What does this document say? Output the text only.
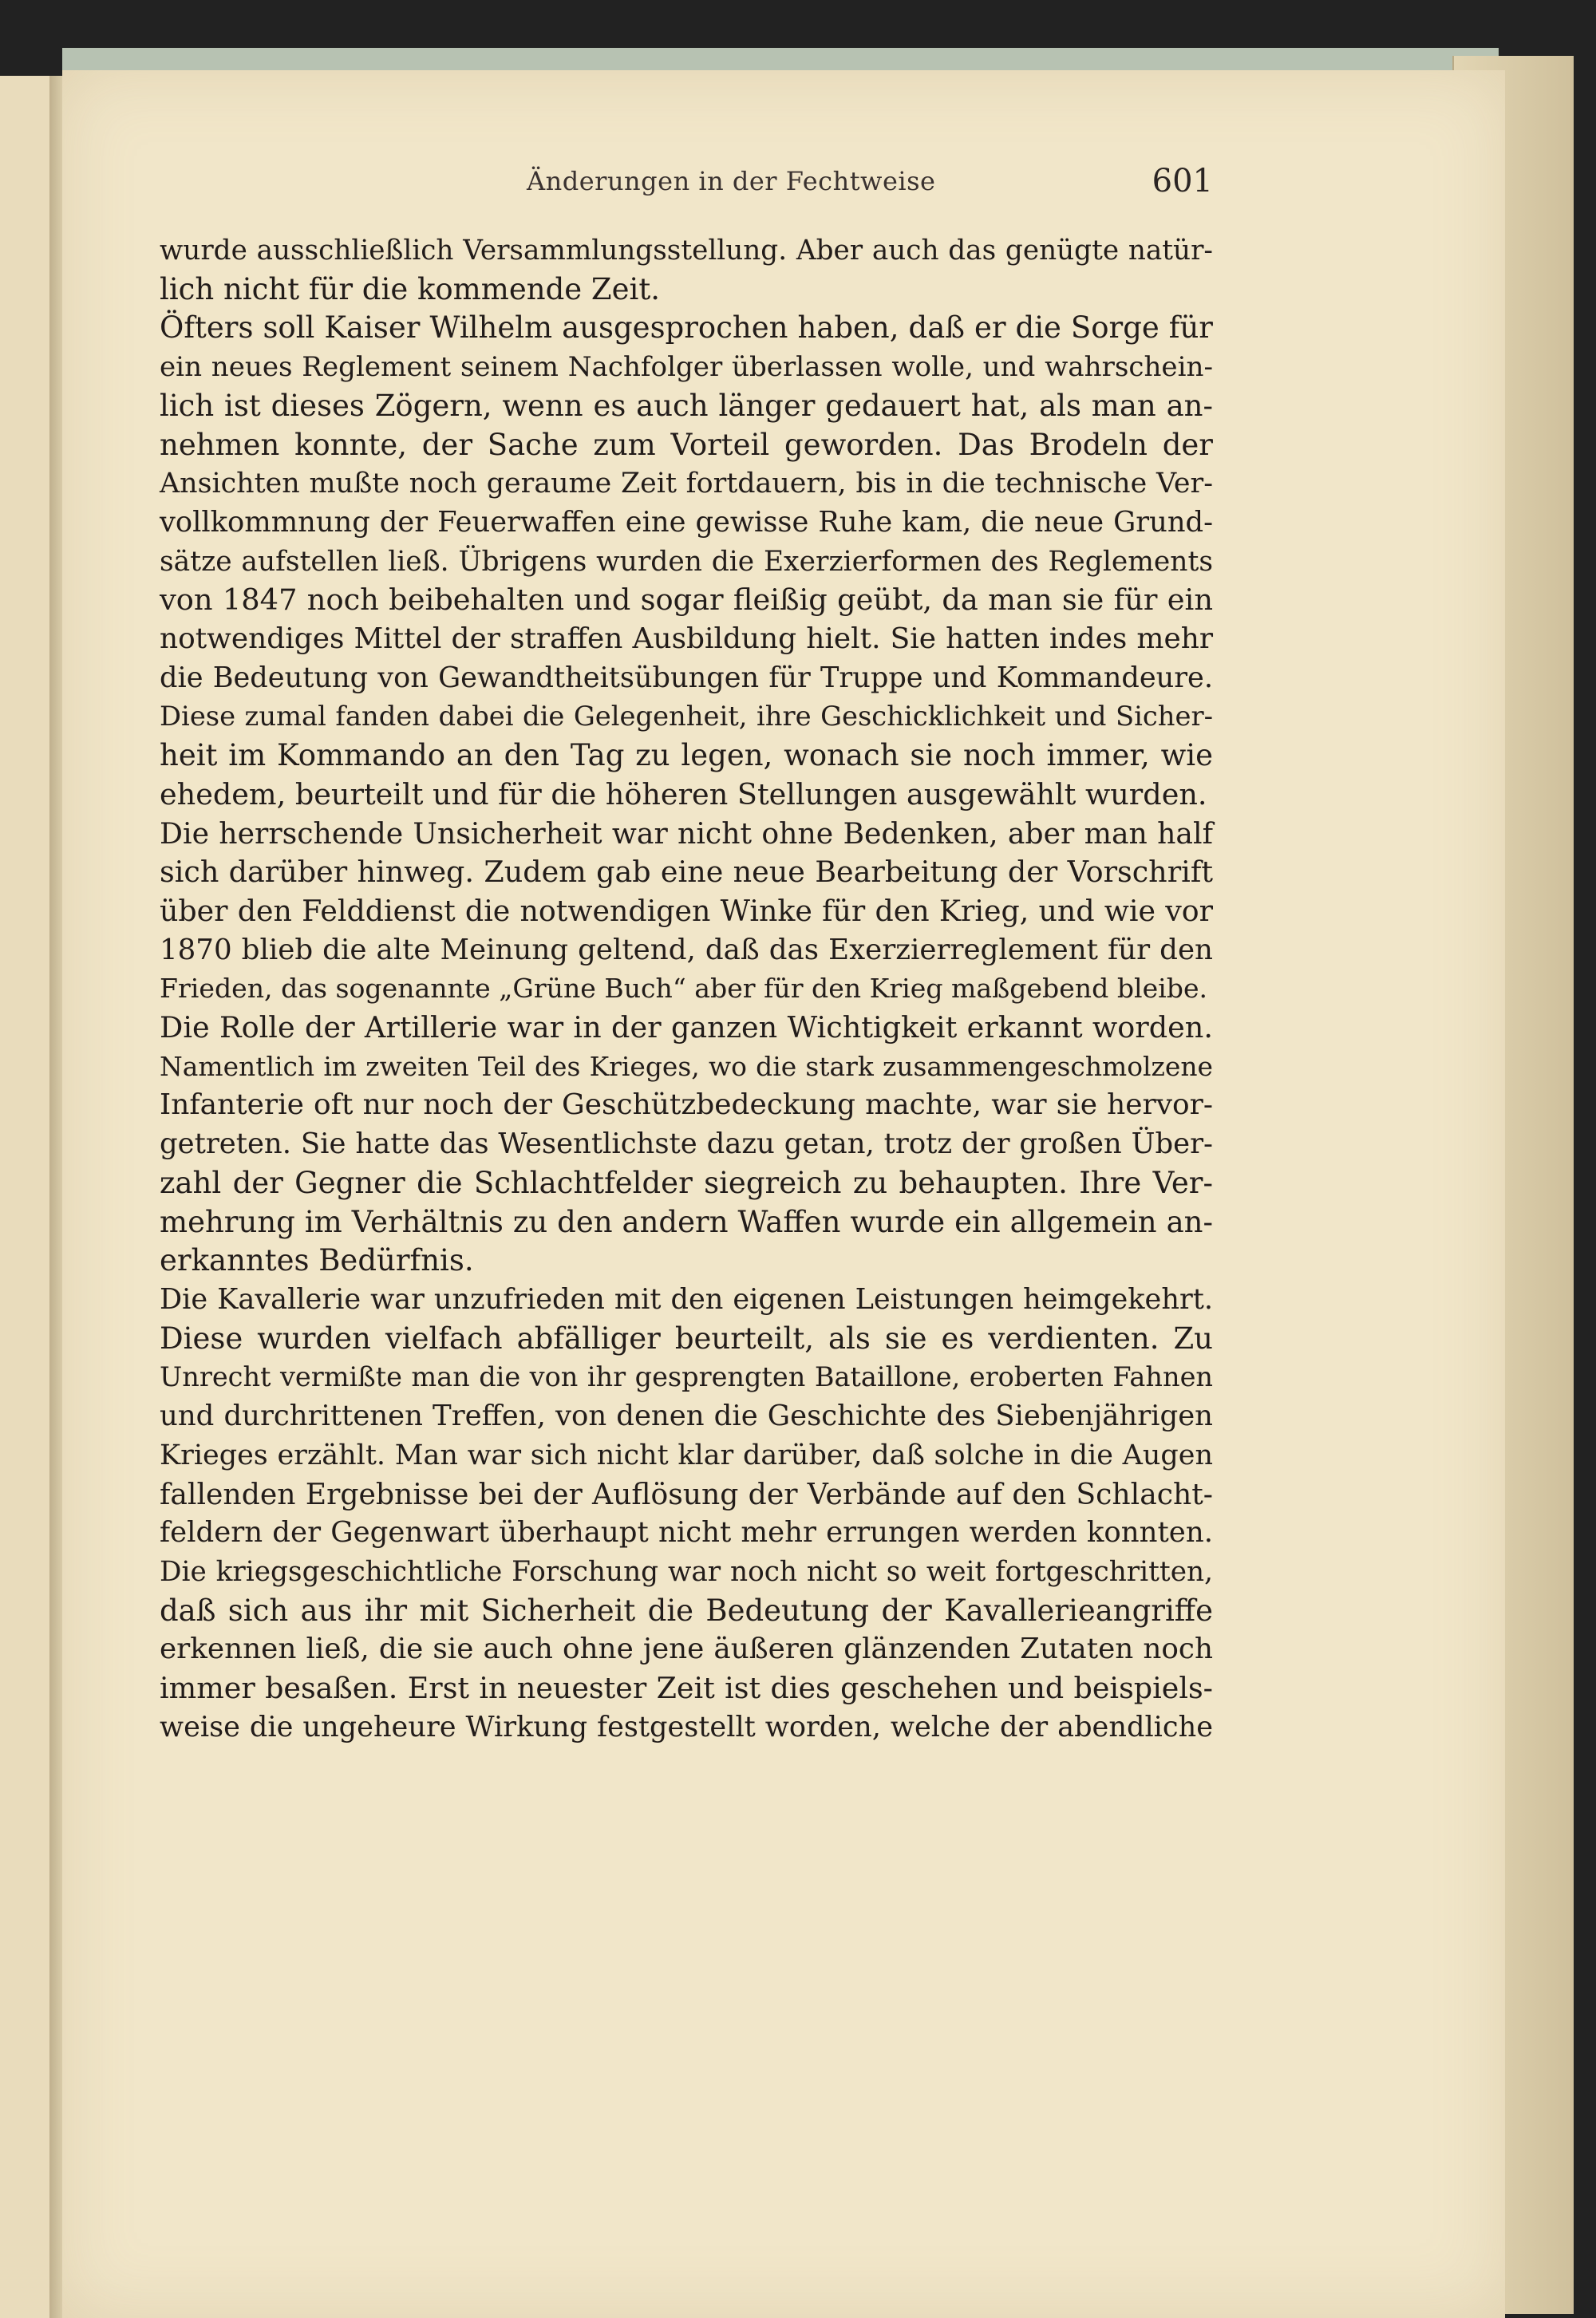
Änderungen in der Fechtweise	601
wurde ausschließlich Versammlungsstellung. Aber auch das genügte natür-
lich nicht für die kommende Zeit.
Öfters soll Kaiser Wilhelm ausgesprochen haben, daß er die Sorge für
ein neues Reglement seinem Nachfolger überlassen wolle, und wahrschein-
lich ist dieses Zögern, wenn es auch länger gedauert hat, als man an-
nehmen konnte, der Sache zum Vorteil geworden. Das Brodeln der
Ansichten mußte noch geraume Zeit fortdauern, bis in die technische Ver-
vollkommnung der Feuerwaffen eine gewisse Ruhe kam, die neue Grund-
sätze aufstellen ließ. Übrigens wurden die Exerzierformen des Reglements
von 1847 noch beibehalten und sogar fleißig geübt, da man sie für ein
notwendiges Mittel der straffen Ausbildung hielt. Sie hatten indes mehr
die Bedeutung von Gewandtheitsübungen für Truppe und Kommandeure.
Diese zumal fanden dabei die Gelegenheit, ihre Geschicklichkeit und Sicher-
heit im Kommando an den Tag zu legen, wonach sie noch immer, wie
ehedem, beurteilt und für die höheren Stellungen ausgewählt wurden.
Die herrschende Unsicherheit war nicht ohne Bedenken, aber man half
sich darüber hinweg. Zudem gab eine neue Bearbeitung der Vorschrift
über den Felddienst die notwendigen Winke für den Krieg, und wie vor
1870 blieb die alte Meinung geltend, daß das Exerzierreglement für den
Frieden, das sogenannte „Grüne Buch“ aber für den Krieg maßgebend bleibe.
Die Rolle der Artillerie war in der ganzen Wichtigkeit erkannt worden.
Namentlich im zweiten Teil des Krieges, wo die stark zusammengeschmolzene
Infanterie oft nur noch der Geschützbedeckung machte, war sie hervor-
getreten. Sie hatte das Wesentlichste dazu getan, trotz der großen Über-
zahl der Gegner die Schlachtfelder siegreich zu behaupten. Ihre Ver-
mehrung im Verhältnis zu den andern Waffen wurde ein allgemein an-
erkanntes Bedürfnis.
Die Kavallerie war unzufrieden mit den eigenen Leistungen heimgekehrt.
Diese wurden vielfach abfälliger beurteilt, als sie es verdienten. Zu
Unrecht vermißte man die von ihr gesprengten Bataillone, eroberten Fahnen
und durchrittenen Treffen, von denen die Geschichte des Siebenjährigen
Krieges erzählt. Man war sich nicht klar darüber, daß solche in die Augen
fallenden Ergebnisse bei der Auflösung der Verbände auf den Schlacht-
feldern der Gegenwart überhaupt nicht mehr errungen werden konnten.
Die kriegsgeschichtliche Forschung war noch nicht so weit fortgeschritten,
daß sich aus ihr mit Sicherheit die Bedeutung der Kavallerieangriffe
erkennen ließ, die sie auch ohne jene äußeren glänzenden Zutaten noch
immer besaßen. Erst in neuester Zeit ist dies geschehen und beispiels-
weise die ungeheure Wirkung festgestellt worden, welche der abendliche
